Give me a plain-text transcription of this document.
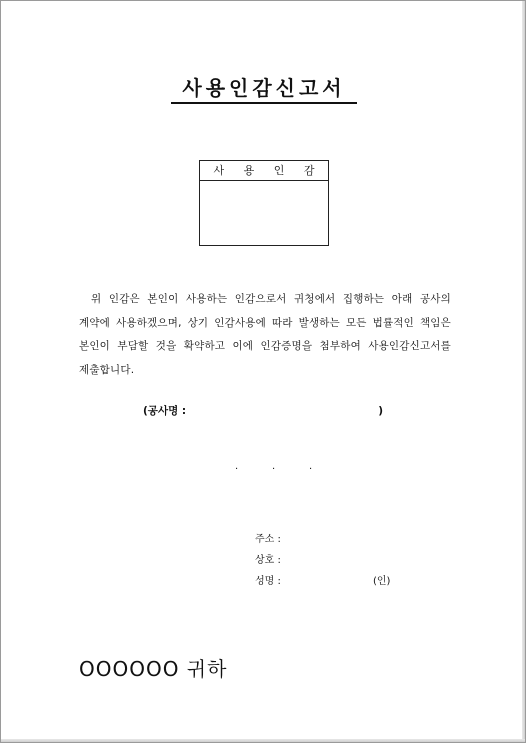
사용인감신고서
사 용 인 감
위 인감은 본인이 사용하는 인감으로서 귀청에서 집행하는 아래 공사의 계약에 사용하겠으며, 상기 인감사용에 따라 발생하는 모든 법률적인 책임은 본인이 부담할 것을 확약하고 이에 인감증명을 첨부하여 사용인감신고서를 제출합니다.
(공사명 :	)
.	.	.
주소 :
상호 :
성명 :	(인)
OOOOOO 귀하
